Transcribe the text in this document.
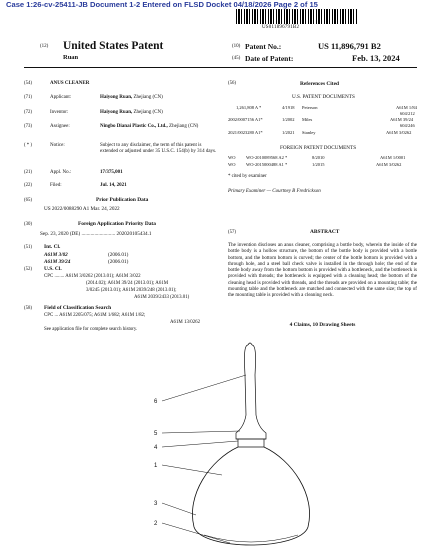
Case 1:26-cv-25411-JB Document 1-2 Entered on FLSD Docket 04/18/2026 Page 2 of 15
US011896791B2
(12) United States Patent
Ruan
(10) Patent No.:	US 11,896,791 B2
(45) Date of Patent:	Feb. 13, 2024
(54)	ANUS CLEANER
(71)	Applicant:	Haiyong Ruan, Zhejiang (CN)
(72)	Inventor:	Haiyong Ruan, Zhejiang (CN)
(73)	Assignee:	Ningbo Dianai Plastic Co., Ltd., Zhejiang (CN)
( * )	Notice:	Subject to any disclaimer, the term of this patent is extended or adjusted under 35 U.S.C. 154(b) by 314 days.
(21)	Appl. No.:	17/375,001
(22)	Filed:	Jul. 14, 2021
(65)	Prior Publication Data
US 2022/0088290 A1 Mar. 24, 2022
(30)	Foreign Application Priority Data
Sep. 23, 2020 (DE) .......................... 202020105434.1
(51) Int. Cl.
A61M 3/02	(2006.01)
A61M 39/24	(2006.01)
(52) U.S. Cl.
CPC ........ A61M 3/0262 (2013.01); A61M 3/022
(2014.02); A61M 39/24 (2013.01); A61M
3/0245 (2013.01); A61M 2039/248 (2013.01);
A61M 2039/2433 (2013.01)
(58) Field of Classification Search
CPC ... A61M 2205/075; A61M 1/682; A61M 1/82;
A61M 13/0262
See application file for complete search history.
(56)	References Cited
U.S. PATENT DOCUMENTS
1,261,808 A *	4/1918 Peterson	A61M 1/84
604/212
2002/0007156 A1*	1/2002 Miles	A61M 39/24
604/246
2021/0023280 A1*	1/2021 Stanley	A61M 3/0262
FOREIGN PATENT DOCUMENTS
WO WO-2010089568 A2 *	8/2010	A61M 1/0001
WO WO-2015000488 A1 *	1/2015	A61M 3/0262
* cited by examiner
Primary Examiner — Courtney B Fredrickson
(57)	ABSTRACT
The invention discloses an anus cleaner, comprising a bottle body, wherein the inside of the bottle body is a hollow structure, the bottom of the bottle body is provided with a bottle bottom, and the bottom bottom is curved; the center of the bottle bottom is provided with a through hole, and a steel ball check valve is installed in the through hole; the end of the bottle body away from the bottom bottom is provided with a bottleneck, and the bottleneck is provided with threads; the bottleneck is equipped with a cleaning head; the bottom of the cleaning head is provided with threads, and the threads are provided on a mounting table; the mounting table and the bottleneck are matched and connected with the same size; the top of the mounting table is provided with a cleaning neck.
4 Claims, 10 Drawing Sheets
6
5
4
1
3
2
